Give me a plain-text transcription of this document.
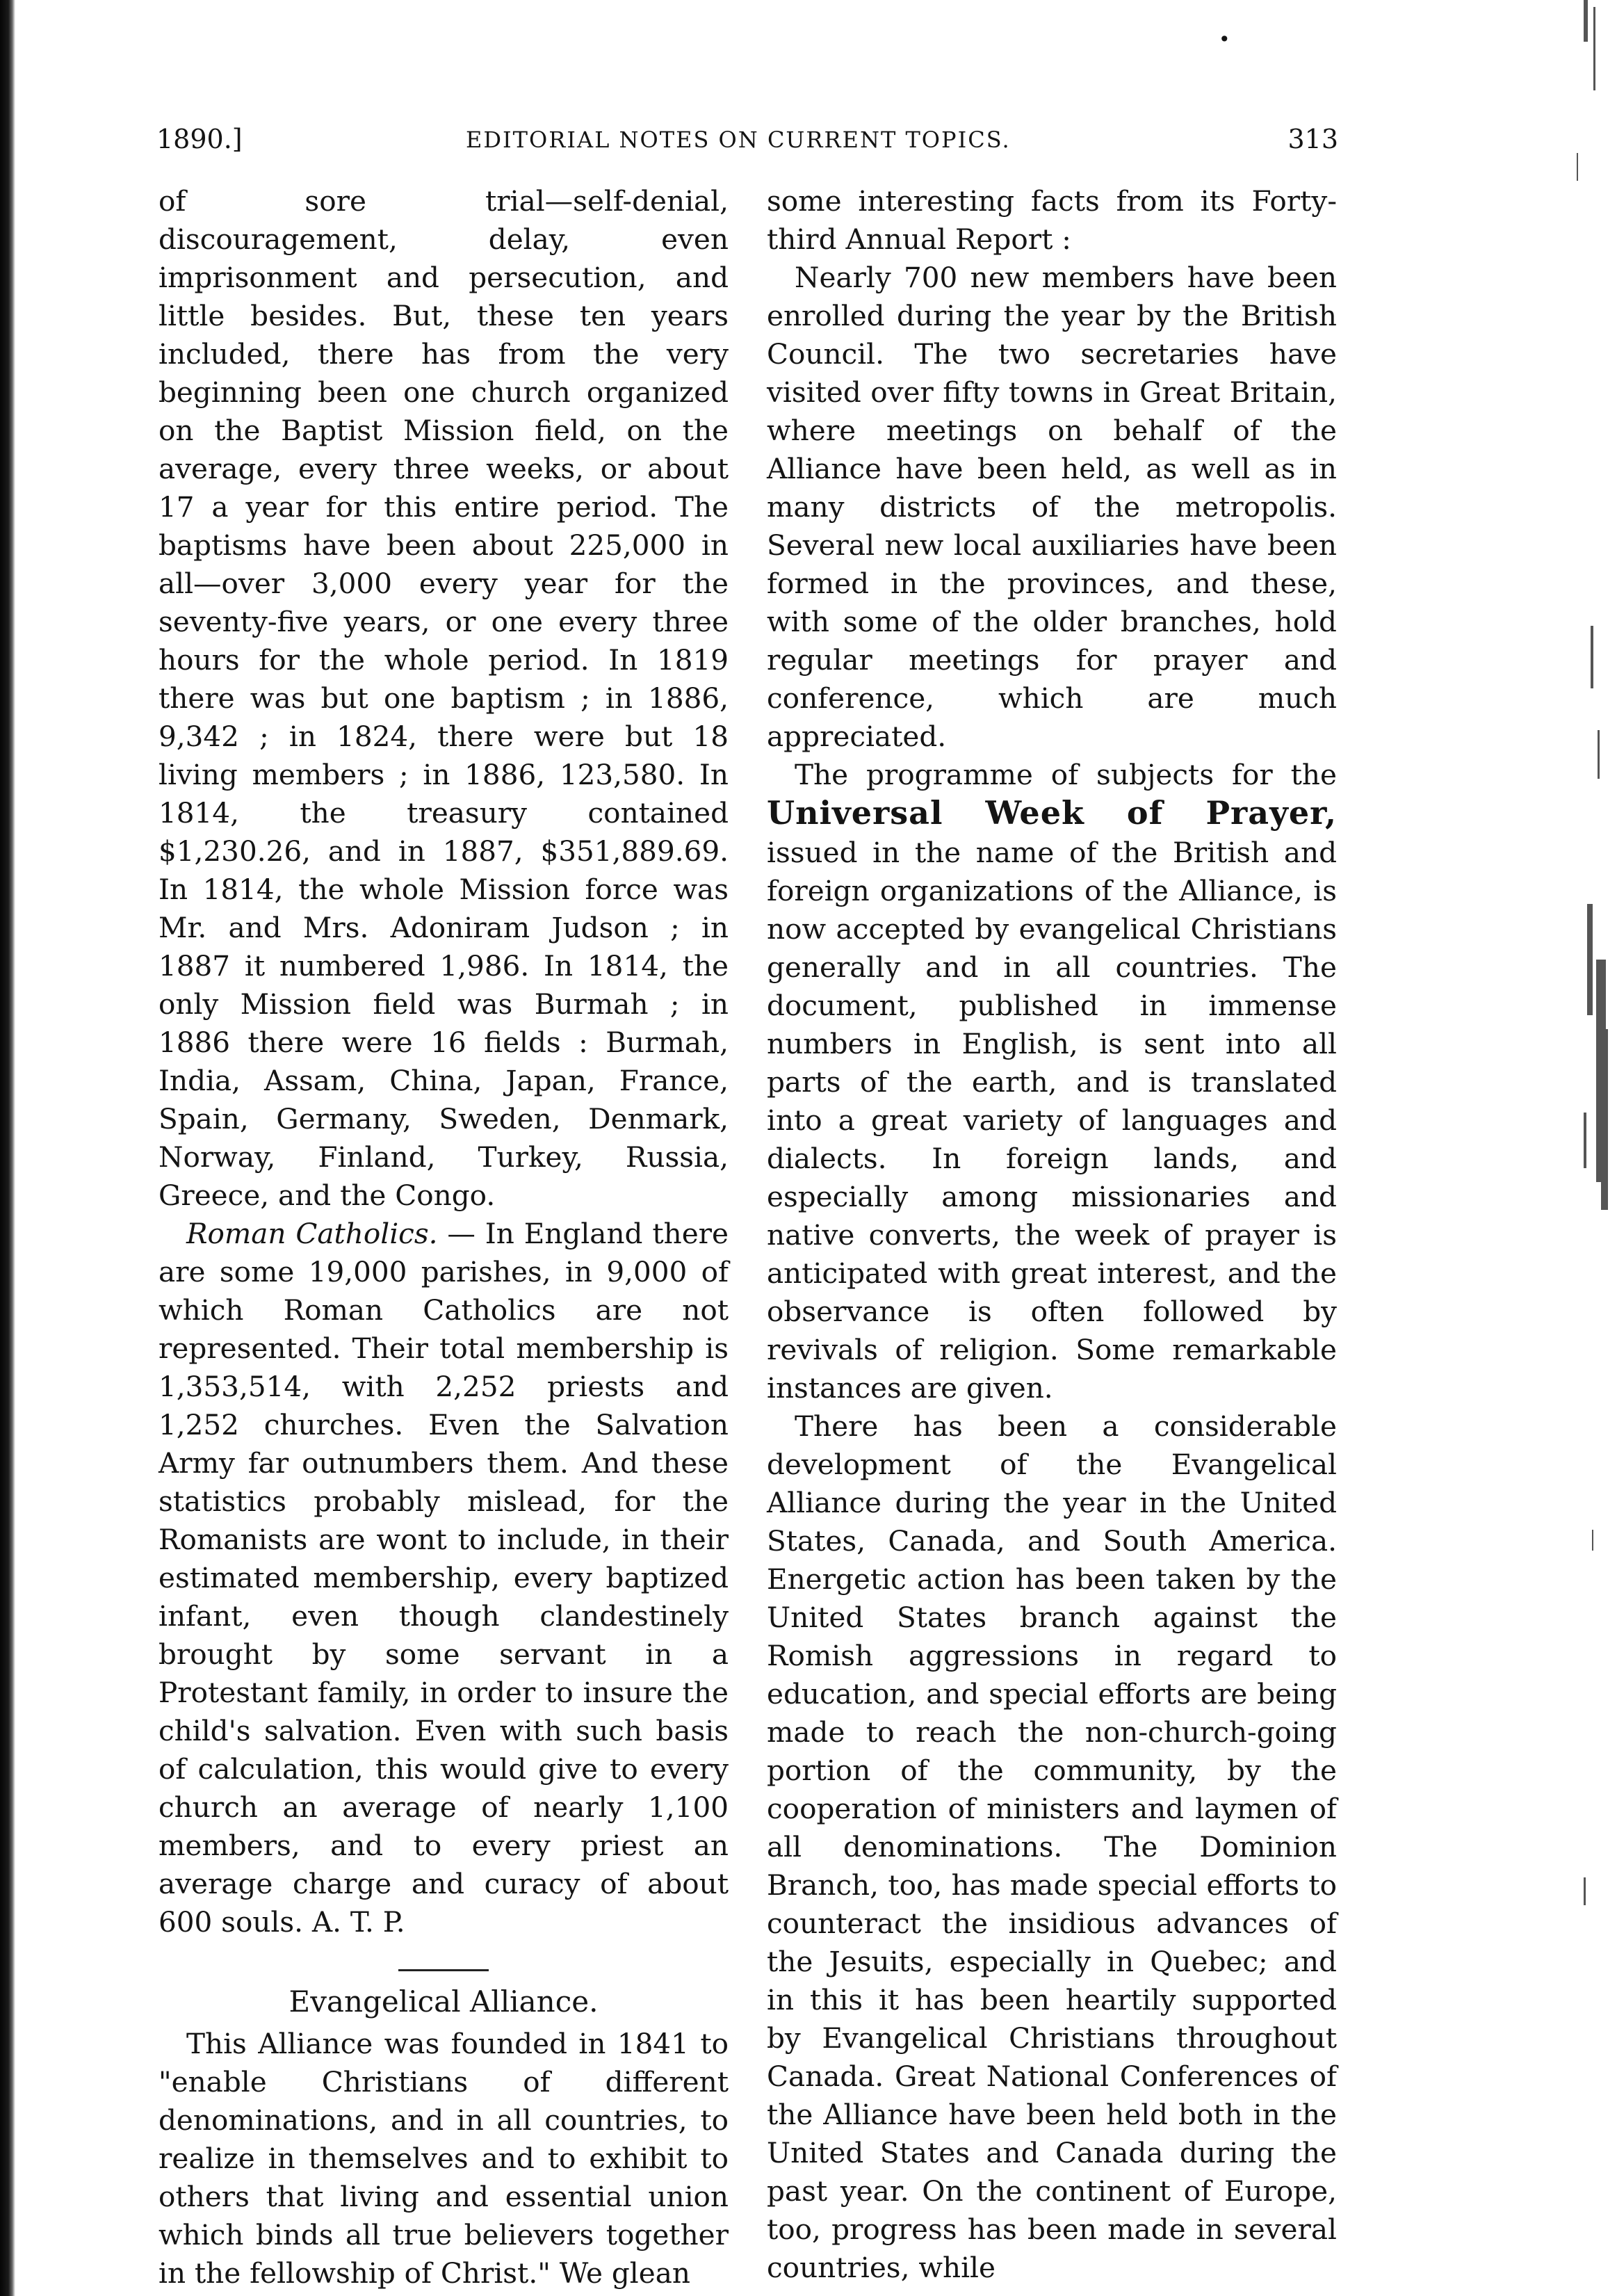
•
1890.]	EDITORIAL NOTES ON CURRENT TOPICS.	313

of sore trial—self-denial, discouragement, delay, even imprisonment and persecution, and little besides. But, these ten years included, there has from the very beginning been one church organized on the Baptist Mission field, on the average, every three weeks, or about 17 a year for this entire period. The baptisms have been about 225,000 in all—over 3,000 every year for the seventy-five years, or one every three hours for the whole period. In 1819 there was but one baptism ; in 1886, 9,342 ; in 1824, there were but 18 living members ; in 1886, 123,580. In 1814, the treasury contained $1,230.26, and in 1887, $351,889.69. In 1814, the whole Mission force was Mr. and Mrs. Adoniram Judson ; in 1887 it numbered 1,986. In 1814, the only Mission field was Burmah ; in 1886 there were 16 fields : Burmah, India, Assam, China, Japan, France, Spain, Germany, Sweden, Denmark, Norway, Finland, Turkey, Russia, Greece, and the Congo.

Roman Catholics. — In England there are some 19,000 parishes, in 9,000 of which Roman Catholics are not represented. Their total membership is 1,353,514, with 2,252 priests and 1,252 churches. Even the Salvation Army far outnumbers them. And these statistics probably mislead, for the Romanists are wont to include, in their estimated membership, every baptized infant, even though clandestinely brought by some servant in a Protestant family, in order to insure the child's salvation. Even with such basis of calculation, this would give to every church an average of nearly 1,100 members, and to every priest an average charge and curacy of about 600 souls. A. T. P.

Evangelical Alliance.

This Alliance was founded in 1841 to "enable Christians of different denominations, and in all countries, to realize in themselves and to exhibit to others that living and essential union which binds all true believers together in the fellowship of Christ." We glean

some interesting facts from its Forty-third Annual Report :

Nearly 700 new members have been enrolled during the year by the British Council. The two secretaries have visited over fifty towns in Great Britain, where meetings on behalf of the Alliance have been held, as well as in many districts of the metropolis. Several new local auxiliaries have been formed in the provinces, and these, with some of the older branches, hold regular meetings for prayer and conference, which are much appreciated.

The programme of subjects for the Universal Week of Prayer, issued in the name of the British and foreign organizations of the Alliance, is now accepted by evangelical Christians generally and in all countries. The document, published in immense numbers in English, is sent into all parts of the earth, and is translated into a great variety of languages and dialects. In foreign lands, and especially among missionaries and native converts, the week of prayer is anticipated with great interest, and the observance is often followed by revivals of religion. Some remarkable instances are given.

There has been a considerable development of the Evangelical Alliance during the year in the United States, Canada, and South America. Energetic action has been taken by the United States branch against the Romish aggressions in regard to education, and special efforts are being made to reach the non-church-going portion of the community, by the cooperation of ministers and laymen of all denominations. The Dominion Branch, too, has made special efforts to counteract the insidious advances of the Jesuits, especially in Quebec; and in this it has been heartily supported by Evangelical Christians throughout Canada. Great National Conferences of the Alliance have been held both in the United States and Canada during the past year. On the continent of Europe, too, progress has been made in several countries, while
